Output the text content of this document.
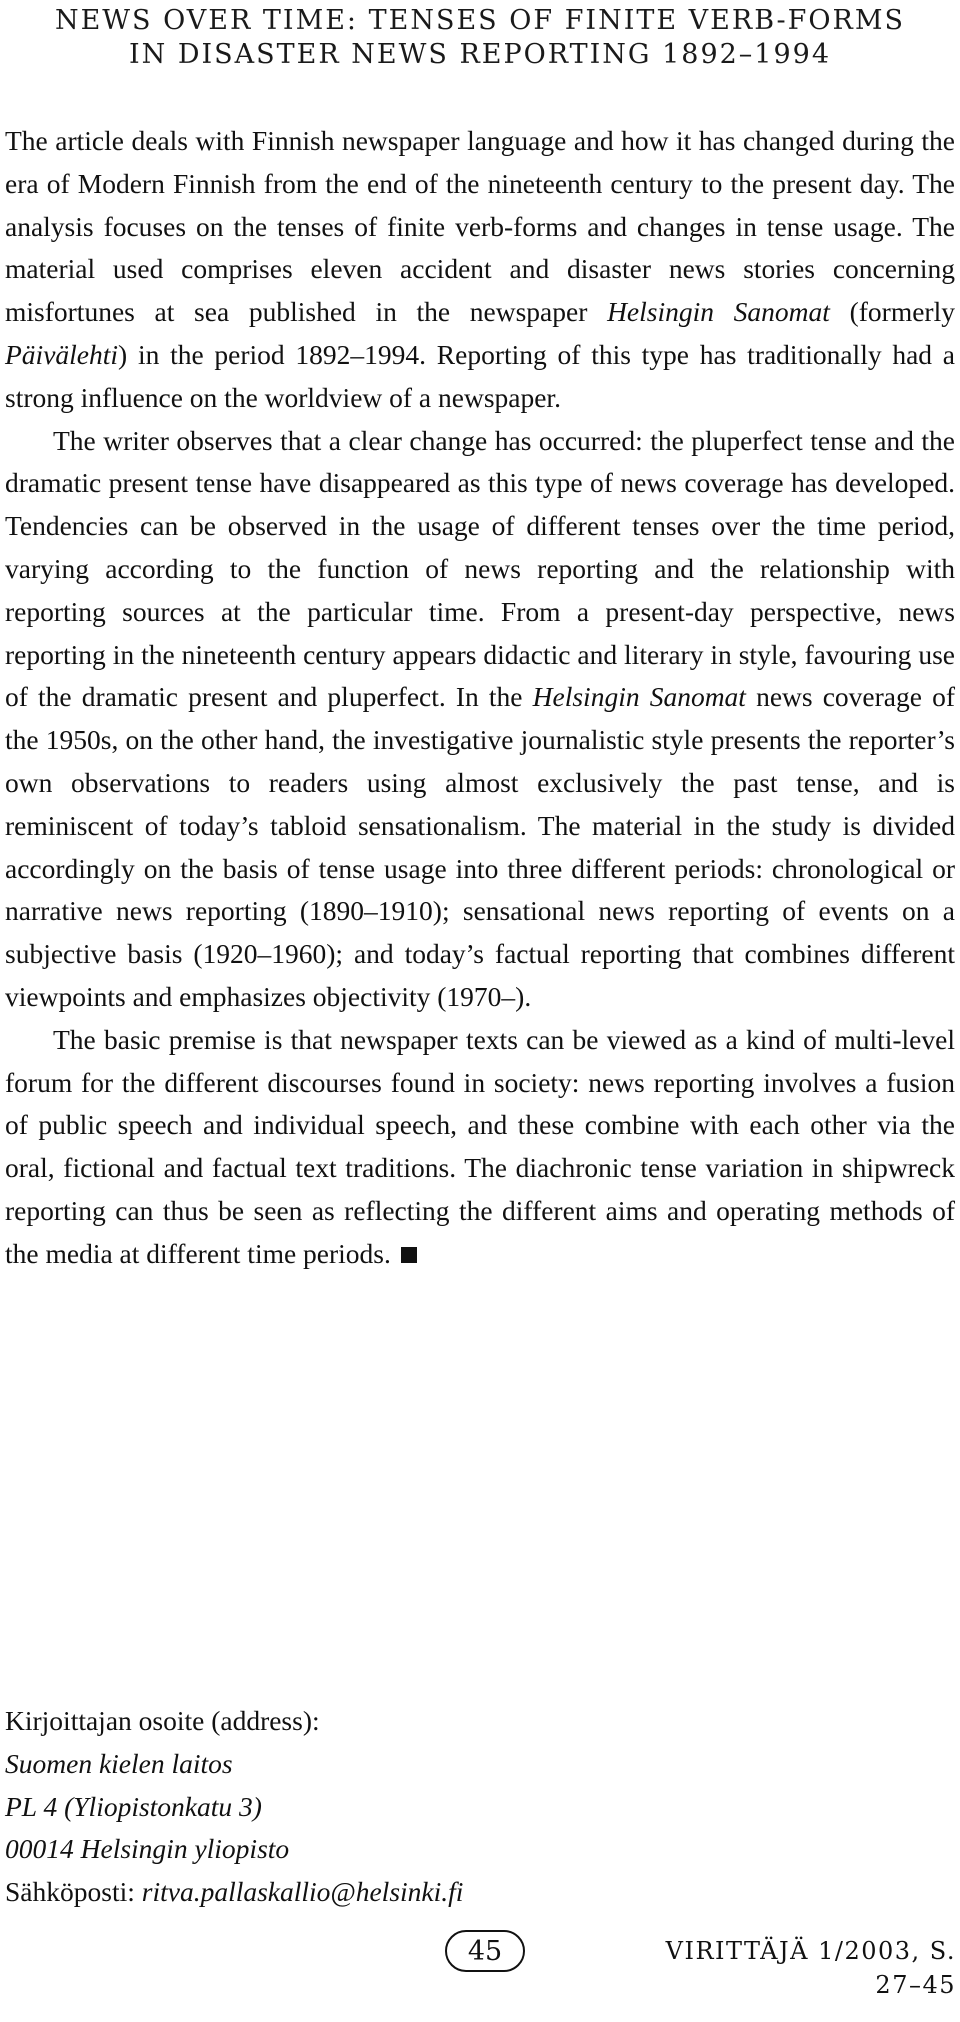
NEWS OVER TIME: TENSES OF FINITE VERB-FORMS
IN DISASTER NEWS REPORTING 1892–1994

The article deals with Finnish newspaper language and how it has changed during the era of Modern Finnish from the end of the nineteenth century to the present day. The analysis focuses on the tenses of finite verb-forms and changes in tense usage. The material used comprises eleven accident and disaster news stories concerning misfortunes at sea published in the newspaper Helsingin Sanomat (formerly Päivälehti) in the period 1892–1994. Reporting of this type has traditionally had a strong influence on the worldview of a newspaper.

The writer observes that a clear change has occurred: the pluperfect tense and the dramatic present tense have disappeared as this type of news coverage has developed. Tendencies can be observed in the usage of different tenses over the time period, varying according to the function of news reporting and the relationship with reporting sources at the particular time. From a present-day perspective, news reporting in the nineteenth century appears didactic and literary in style, favouring use of the dramatic present and pluperfect. In the Helsingin Sanomat news coverage of the 1950s, on the other hand, the investigative journalistic style presents the reporter’s own observations to readers using almost exclusively the past tense, and is reminiscent of today’s tabloid sensationalism. The material in the study is divided accordingly on the basis of tense usage into three different periods: chronological or narrative news reporting (1890–1910); sensational news reporting of events on a subjective basis (1920–1960); and today’s factual reporting that combines different viewpoints and emphasizes objectivity (1970–).

The basic premise is that newspaper texts can be viewed as a kind of multi-level forum for the different discourses found in society: news reporting involves a fusion of public speech and individual speech, and these combine with each other via the oral, fictional and factual text traditions. The diachronic tense variation in shipwreck reporting can thus be seen as reflecting the different aims and operating methods of the media at different time periods.

Kirjoittajan osoite (address):
Suomen kielen laitos
PL 4 (Yliopistonkatu 3)
00014 Helsingin yliopisto
Sähköposti: ritva.pallaskallio@helsinki.fi
45	VIRITTÄJÄ 1/2003, S. 27–45
